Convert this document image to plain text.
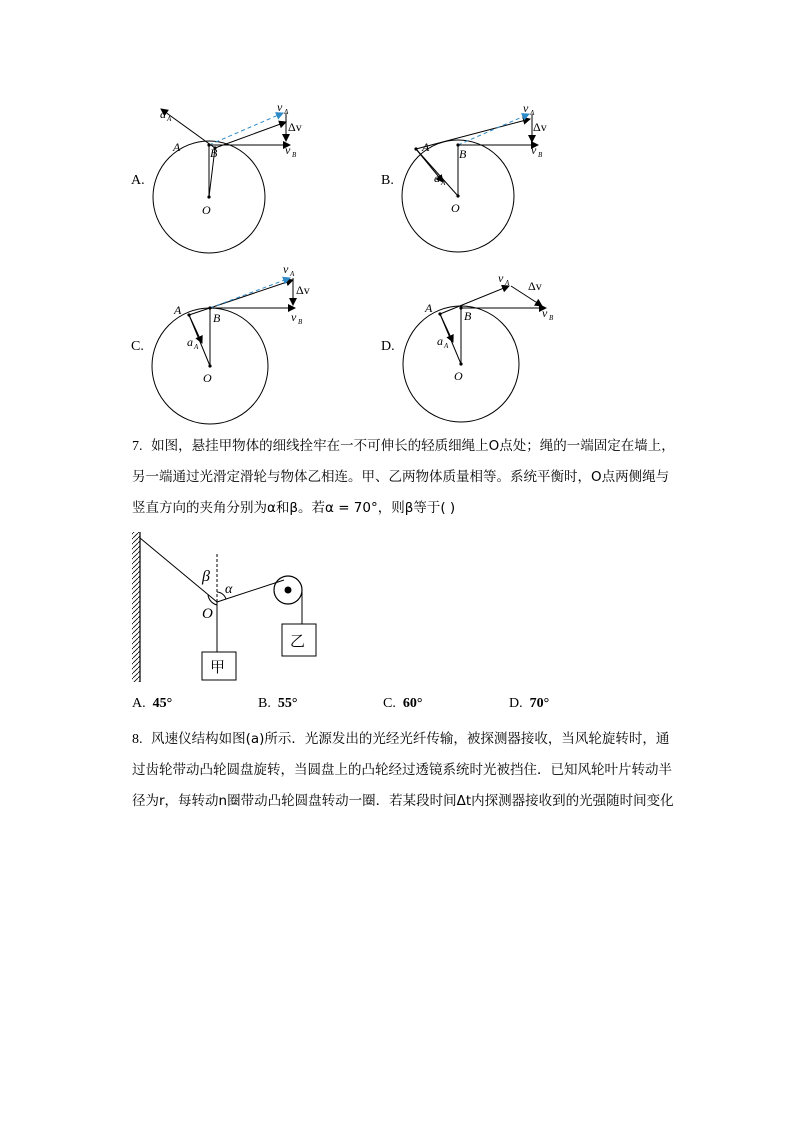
A.
a A
A B
O
v A
Δv
v B
B.
A B
a A
O
v A
Δv
v B
C.
A
B
a A
O
v A
Δv
v B
D.
A
B
a A
O
v A Δv
v B
7. 如图，悬挂甲物体的细线拴牢在一不可伸长的轻质细绳上O点处；绳的一端固定在墙上，
另一端通过光滑定滑轮与物体乙相连。甲、乙两物体质量相等。系统平衡时，O点两侧绳与
竖直方向的夹角分别为α和β。若α = 70°，则β等于( )
β
α
O
甲
乙
A. 45°	B. 55°	C. 60°	D. 70°
8. 风速仪结构如图(a)所示．光源发出的光经光纤传输，被探测器接收，当风轮旋转时，通
过齿轮带动凸轮圆盘旋转，当圆盘上的凸轮经过透镜系统时光被挡住．已知风轮叶片转动半
径为r，每转动n圈带动凸轮圆盘转动一圈．若某段时间Δt内探测器接收到的光强随时间变化
